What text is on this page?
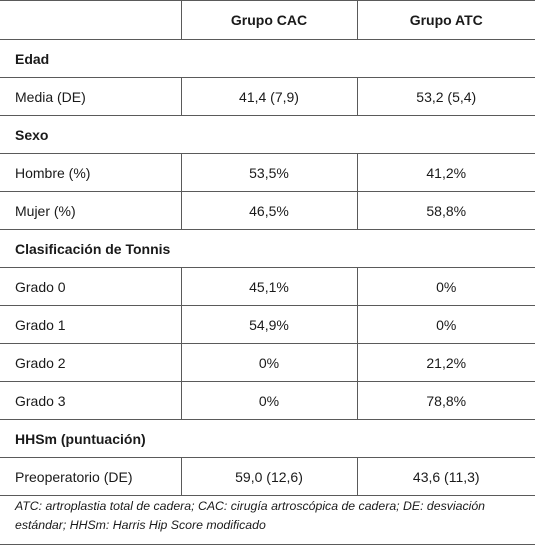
	Grupo CAC	Grupo ATC
Edad		
Media (DE)	41,4 (7,9)	53,2 (5,4)
Sexo		
Hombre (%)	53,5%	41,2%
Mujer (%)	46,5%	58,8%
Clasificación de Tonnis		
Grado 0	45,1%	0%
Grado 1	54,9%	0%
Grado 2	0%	21,2%
Grado 3	0%	78,8%
HHSm (puntuación)		
Preoperatorio (DE)	59,0 (12,6)	43,6 (11,3)
ATC: artroplastia total de cadera; CAC: cirugía artroscópica de cadera; DE: desviación estándar; HHSm: Harris Hip Score modificado
